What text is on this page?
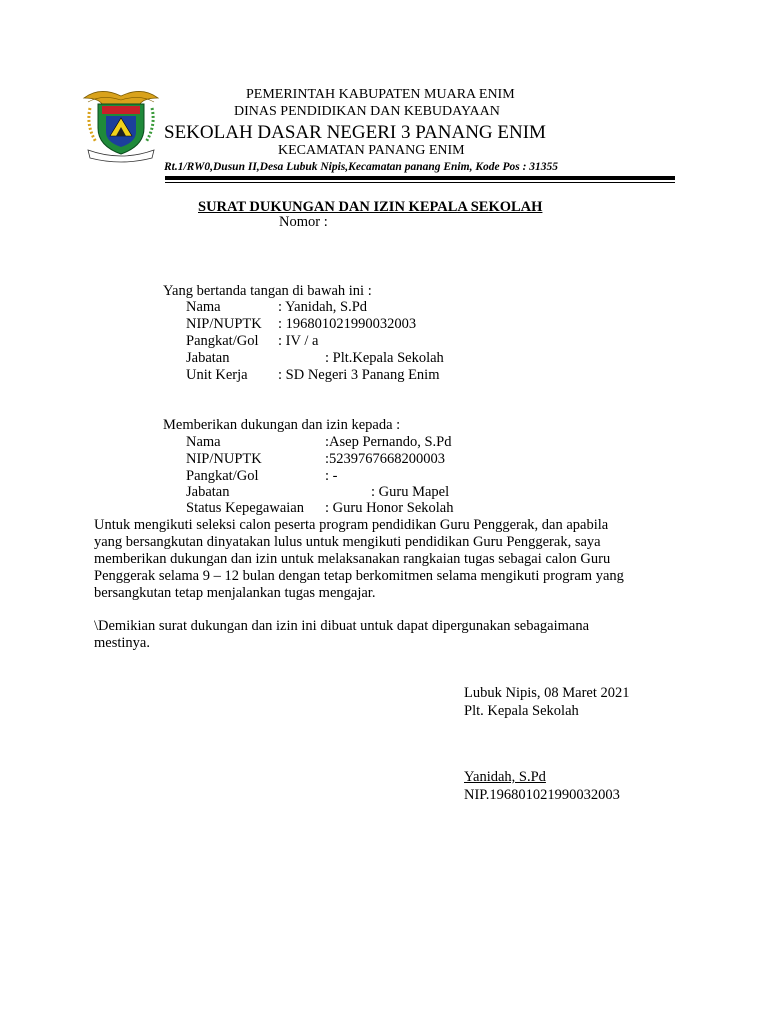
PEMERINTAH KABUPATEN MUARA ENIM
DINAS PENDIDIKAN DAN KEBUDAYAAN
SEKOLAH DASAR NEGERI 3 PANANG ENIM
KECAMATAN PANANG ENIM
Rt.1/RW0,Dusun II,Desa Lubuk Nipis,Kecamatan panang Enim, Kode Pos : 31355
SURAT DUKUNGAN DAN IZIN KEPALA SEKOLAH
Nomor :
Yang bertanda tangan di bawah ini :
Nama	: Yanidah, S.Pd
NIP/NUPTK : 196801021990032003
Pangkat/Gol : IV / a
Jabatan	: Plt.Kepala Sekolah
Unit Kerja : SD Negeri 3 Panang Enim
Memberikan dukungan dan izin kepada :
Nama	:Asep Pernando, S.Pd
NIP/NUPTK	:5239767668200003
Pangkat/Gol	: -
Jabatan	: Guru Mapel
Status Kepegawaian : Guru Honor Sekolah
Untuk mengikuti seleksi calon peserta program pendidikan Guru Penggerak, dan apabila
yang bersangkutan dinyatakan lulus untuk mengikuti pendidikan Guru Penggerak, saya
memberikan dukungan dan izin untuk melaksanakan rangkaian tugas sebagai calon Guru
Penggerak selama 9 – 12 bulan dengan tetap berkomitmen selama mengikuti program yang
bersangkutan tetap menjalankan tugas mengajar.
\Demikian surat dukungan dan izin ini dibuat untuk dapat dipergunakan sebagaimana
mestinya.
Lubuk Nipis, 08 Maret 2021
Plt. Kepala Sekolah
Yanidah, S.Pd
NIP.196801021990032003
